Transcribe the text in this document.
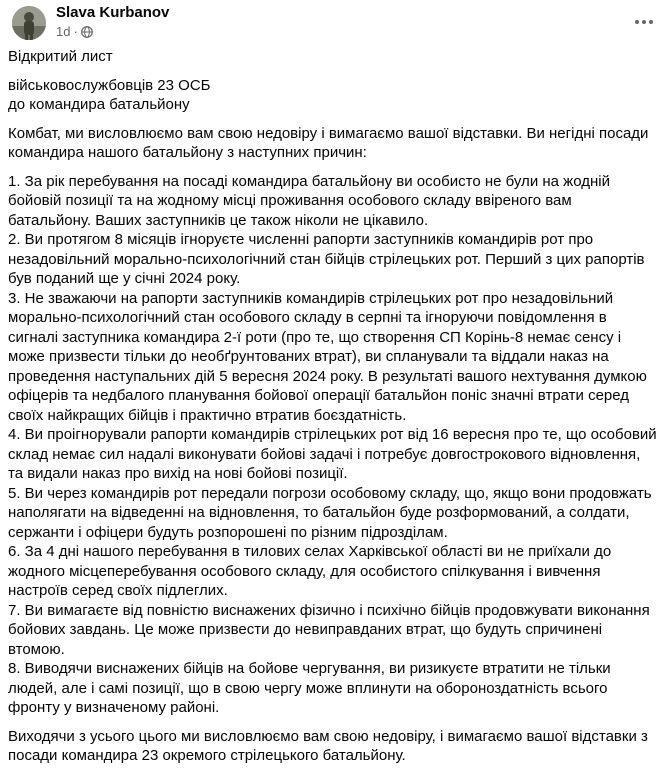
Slava Kurbanov
1d ·

Відкритий лист

військовослужбовців 23 ОСБ

до командира батальйону

Комбат, ми висловлюємо вам свою недовіру і вимагаємо вашої відставки. Ви негідні посади командира нашого батальйону з наступних причин:

1. За рік перебування на посаді командира батальйону ви особисто не були на жодній бойовій позиції та на жодному місці проживання особового складу ввіреного вам батальйону. Ваших заступників це також ніколи не цікавило.

2. Ви протягом 8 місяців ігноруєте численні рапорти заступників командирів рот про незадовільний морально-психологічний стан бійців стрілецьких рот. Перший з цих рапортів був поданий ще у січні 2024 року.

3. Не зважаючи на рапорти заступників командирів стрілецьких рот про незадовільний морально-психологічний стан особового складу в серпні та ігноруючи повідомлення в сигналі заступника командира 2-ї роти (про те, що створення СП Корінь-8 немає сенсу і може призвести тільки до необґрунтованих втрат), ви спланували та віддали наказ на проведення наступальних дій 5 вересня 2024 року. В результаті вашого нехтування думкою офіцерів та недбалого планування бойової операції батальйон поніс значні втрати серед своїх найкращих бійців і практично втратив боєздатність.

4. Ви проігнорували рапорти командирів стрілецьких рот від 16 вересня про те, що особовий склад немає сил надалі виконувати бойові задачі і потребує довгострокового відновлення, та видали наказ про вихід на нові бойові позиції.

5. Ви через командирів рот передали погрози особовому складу, що, якщо вони продовжать наполягати на відведенні на відновлення, то батальйон буде розформований, а солдати, сержанти і офіцери будуть розпорошені по різним підрозділам.

6. За 4 дні нашого перебування в тилових селах Харківської області ви не приїхали до жодного місцеперебування особового складу, для особистого спілкування і вивчення настроїв серед своїх підлеглих.

7. Ви вимагаєте від повністю виснажених фізично і психічно бійців продовжувати виконання бойових завдань. Це може призвести до невиправданих втрат, що будуть спричинені втомою.

8. Виводячи виснажених бійців на бойове чергування, ви ризикуєте втратити не тільки людей, але і самі позиції, що в свою чергу може вплинути на обороноздатність всього фронту у визначеному районі.

Виходячи з усього цього ми висловлюємо вам свою недовіру, і вимагаємо вашої відставки з посади командира 23 окремого стрілецького батальйону.
